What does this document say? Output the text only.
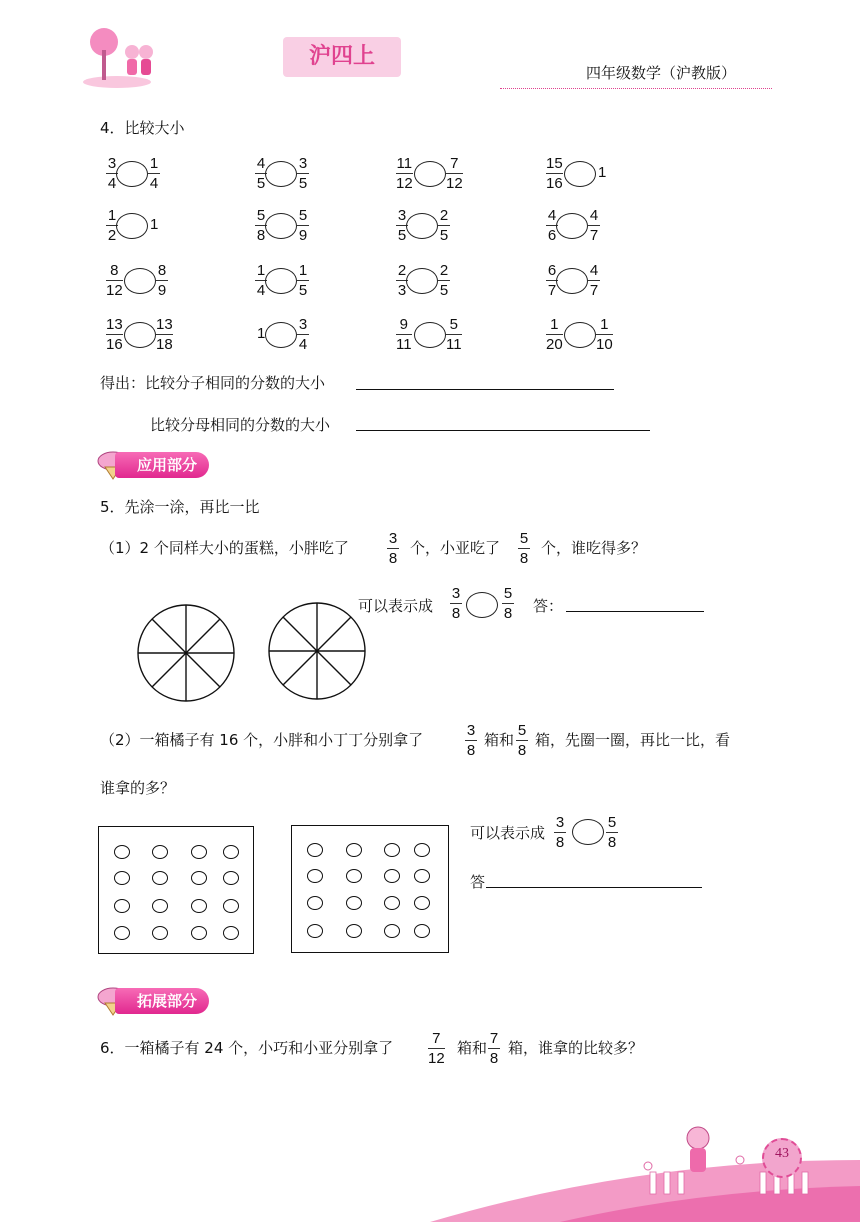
沪四上
四年级数学（沪教版）
4．比较大小
3
4
1
4
4
5
3
5
11
12
7
12
15
16
1
1
2
1
5
8
5
9
3
5
2
5
4
6
4
7
8
12
8
9
1
4
1
5
2
3
2
5
6
7
4
7
13
16
13
18
1
3
4
9
11
5
11
1
20
1
10
得出：比较分子相同的分数的大小
比较分母相同的分数的大小
应用部分
5．先涂一涂，再比一比
（1）2 个同样大小的蛋糕，小胖吃了
3
8
个，小亚吃了
5
8
个，谁吃得多？
可以表示成
3
8
5
8 答：
（2）一箱橘子有 16 个，小胖和小丁丁分别拿了
3
8
箱和
5
8
箱，先圈一圈，再比一比，看
谁拿的多？
可以表示成
3
8
5
8
答
拓展部分
6．一箱橘子有 24 个，小巧和小亚分别拿了
7
12
箱和
7
8
箱，谁拿的比较多？
43
